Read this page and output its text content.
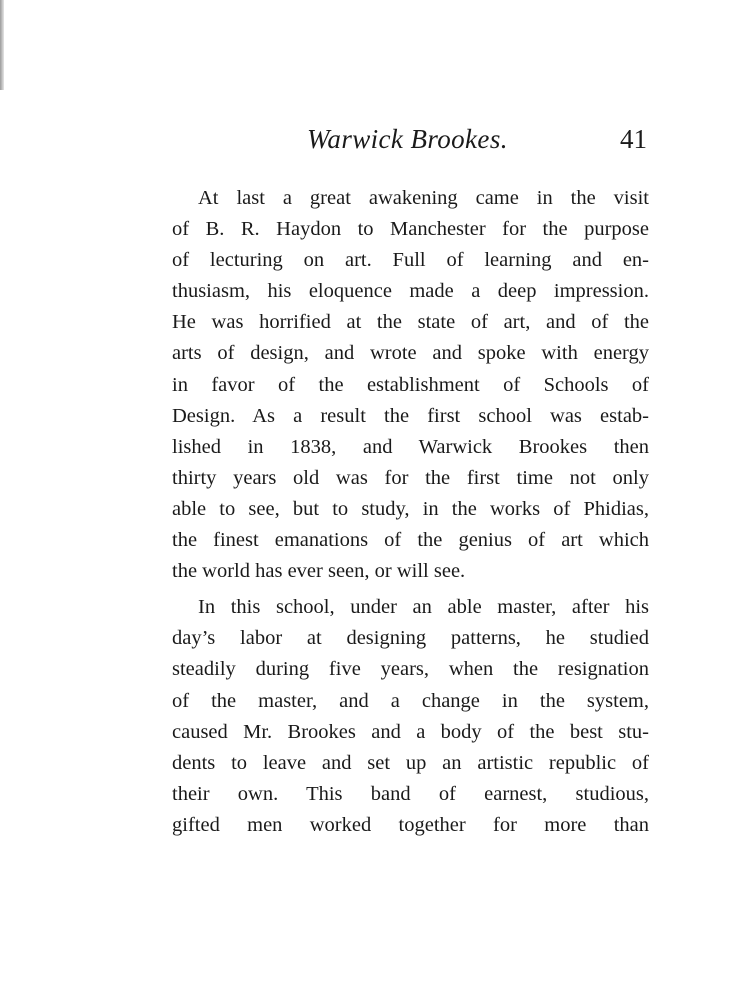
Warwick Brookes.	41
At last a great awakening came in the visit
of B. R. Haydon to Manchester for the purpose
of lecturing on art. Full of learning and en-
thusiasm, his eloquence made a deep impression.
He was horrified at the state of art, and of the
arts of design, and wrote and spoke with energy
in favor of the establishment of Schools of
Design. As a result the first school was estab-
lished in 1838, and Warwick Brookes then
thirty years old was for the first time not only
able to see, but to study, in the works of Phidias,
the finest emanations of the genius of art which
the world has ever seen, or will see.
In this school, under an able master, after his
day’s labor at designing patterns, he studied
steadily during five years, when the resignation
of the master, and a change in the system,
caused Mr. Brookes and a body of the best stu-
dents to leave and set up an artistic republic of
their own. This band of earnest, studious,
gifted men worked together for more than
